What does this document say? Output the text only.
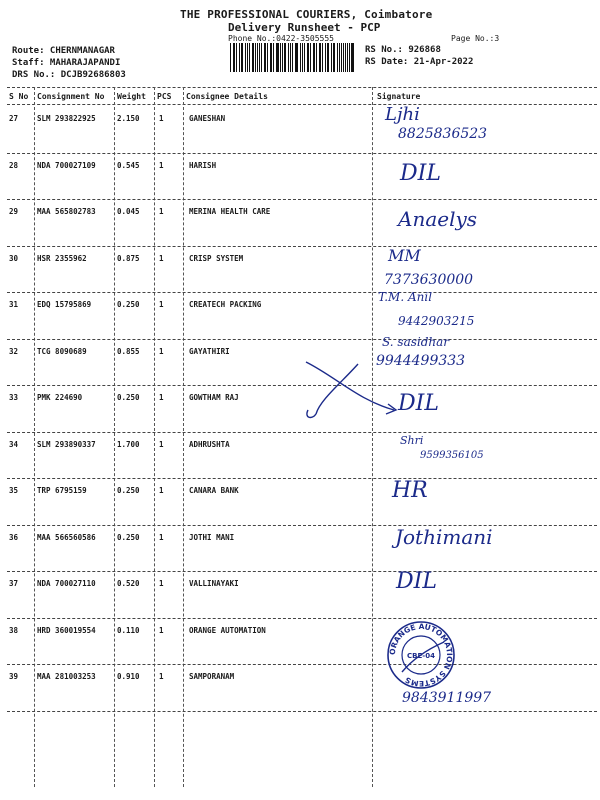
THE PROFESSIONAL COURIERS, Coimbatore
Delivery Runsheet - PCP
Phone No.:0422-3505555	Page No.:3
Route: CHERNMANAGAR
Staff: MAHARAJAPANDI
DRS No.: DCJB92686803
RS No.: 926868
RS Date: 21-Apr-2022
S No Consignment No Weight PCS Consignee Details	Signature
27	SLM 293822925	2.150	1	GANESHAN	Ljhi
8825836523
28	NDA 700027109	0.545	1	HARISH	DIL
29	MAA 565802783	0.045	1	MERINA HEALTH CARE	Anaelys
30	HSR 2355962	0.875	1	CRISP SYSTEM	MM
7373630000
31	EDQ 15795869	0.250	1	CREATECH PACKING
T.M. Anil
9442903215
32	TCG 8090689	0.855	1	GAYATHIRI
S. sasidhar
9944499333
33	PMK 224690	0.250	1	GOWTHAM RAJ	DIL
34	SLM 293890337	1.700	1	ADHRUSHTA	Shri
9599356105
35	TRP 6795159	0.250	1	CANARA BANK	HR
36	MAA 566560586	0.250	1	JOTHI MANI	Jothimani
37	NDA 700027110	0.520	1	VALLINAYAKI	DIL
38	HRD 360019554	0.110	1	ORANGE AUTOMATION
39	MAA 281003253	0.910	1	SAMPORANAM
9843911997
ORANGE AUTOMATION SYSTEMS
CBE-04
